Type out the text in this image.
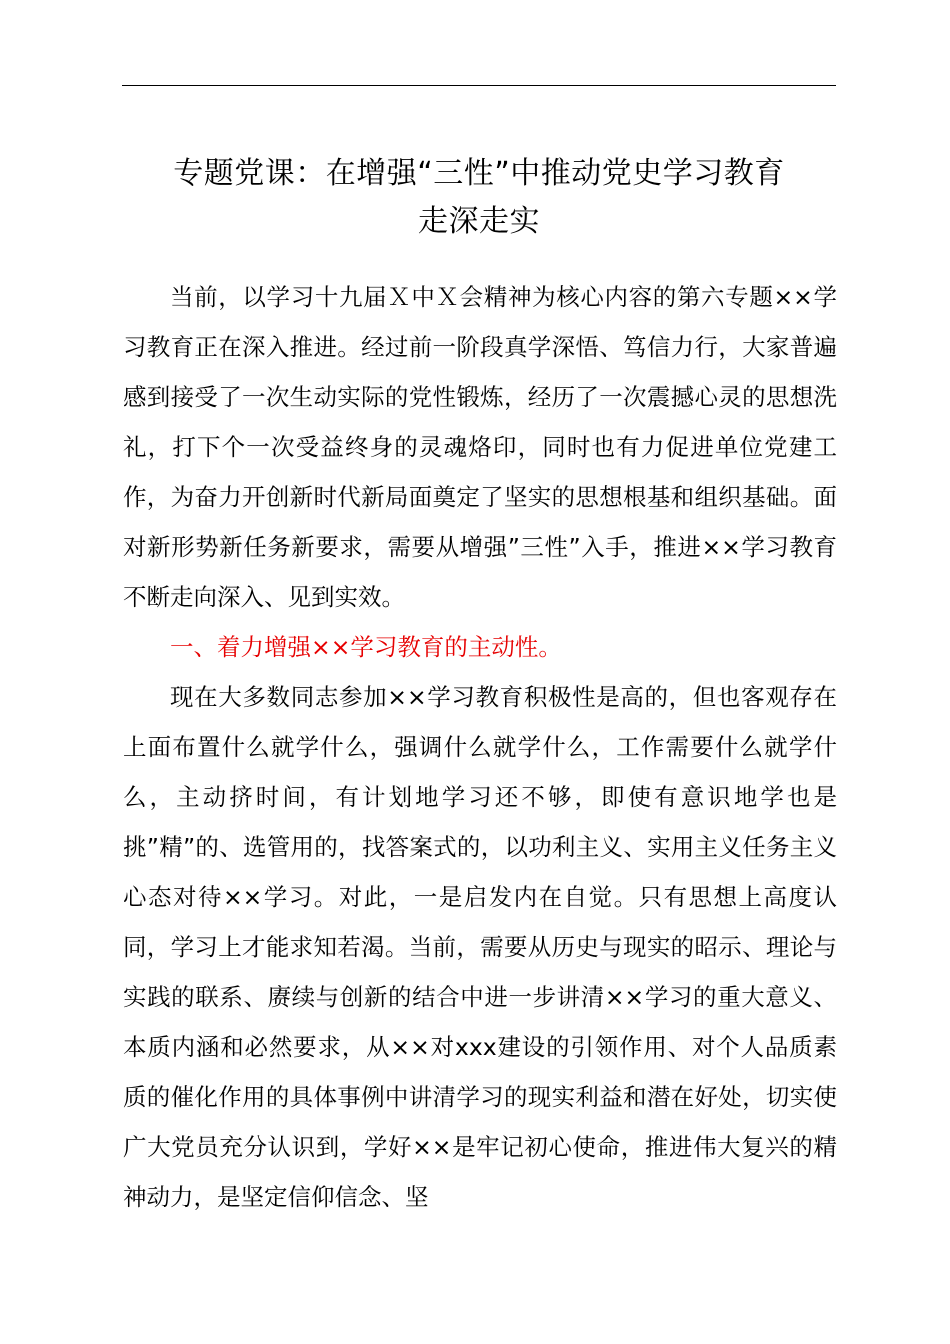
专题党课：在增强“三性”中推动党史学习教育
走深走实

当前，以学习十九届Ｘ中Ｘ会精神为核心内容的第六专题××学习教育正在深入推进。经过前一阶段真学深悟、笃信力行，大家普遍感到接受了一次生动实际的党性锻炼，经历了一次震撼心灵的思想洗礼，打下个一次受益终身的灵魂烙印，同时也有力促进单位党建工作，为奋力开创新时代新局面奠定了坚实的思想根基和组织基础。面对新形势新任务新要求，需要从增强”三性”入手，推进××学习教育不断走向深入、见到实效。

一、着力增强××学习教育的主动性。

现在大多数同志参加××学习教育积极性是高的，但也客观存在上面布置什么就学什么，强调什么就学什么，工作需要什么就学什么，主动挤时间，有计划地学习还不够，即使有意识地学也是挑”精”的、选管用的，找答案式的，以功利主义、实用主义任务主义心态对待××学习。对此，一是启发内在自觉。只有思想上高度认同，学习上才能求知若渴。当前，需要从历史与现实的昭示、理论与实践的联系、赓续与创新的结合中进一步讲清××学习的重大意义、本质内涵和必然要求，从××对xxx建设的引领作用、对个人品质素质的催化作用的具体事例中讲清学习的现实利益和潜在好处，切实使广大党员充分认识到，学好××是牢记初心使命，推进伟大复兴的精神动力，是坚定信仰信念、坚
